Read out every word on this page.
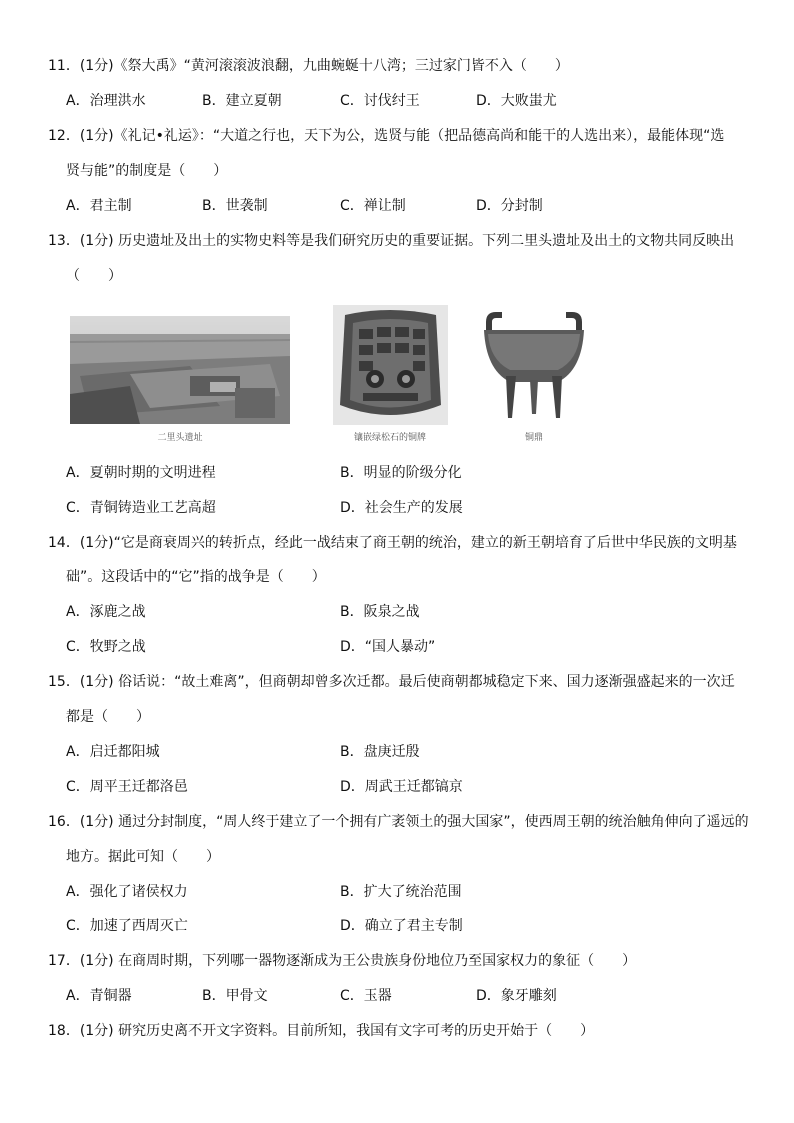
11．(1分)《祭大禹》“黄河滚滚波浪翻，九曲蜿蜒十八湾；三过家门皆不入（　　）
A．治理洪水	B．建立夏朝	C．讨伐纣王	D．大败蚩尤
12．(1分)《礼记•礼运》：“大道之行也，天下为公，选贤与能（把品德高尚和能干的人选出来），最能体现“选
贤与能”的制度是（　　）
A．君主制	B．世袭制	C．禅让制	D．分封制
13．(1分) 历史遗址及出土的实物史料等是我们研究历史的重要证据。下列二里头遗址及出土的文物共同反映出
（　　）
二里头遗址	镶嵌绿松石的铜牌	铜鼎
A．夏朝时期的文明进程	B．明显的阶级分化
C．青铜铸造业工艺高超	D．社会生产的发展
14．(1分)“它是商衰周兴的转折点，经此一战结束了商王朝的统治，建立的新王朝培育了后世中华民族的文明基
础”。这段话中的“它”指的战争是（　　）
A．涿鹿之战	B．阪泉之战
C．牧野之战	D．“国人暴动”
15．(1分) 俗话说：“故土难离”，但商朝却曾多次迁都。最后使商朝都城稳定下来、国力逐渐强盛起来的一次迁
都是（　　）
A．启迁都阳城	B．盘庚迁殷
C．周平王迁都洛邑	D．周武王迁都镐京
16．(1分) 通过分封制度，“周人终于建立了一个拥有广袤领土的强大国家”，使西周王朝的统治触角伸向了遥远的
地方。据此可知（　　）
A．强化了诸侯权力	B．扩大了统治范围
C．加速了西周灭亡	D．确立了君主专制
17．(1分) 在商周时期，下列哪一器物逐渐成为王公贵族身份地位乃至国家权力的象征（　　）
A．青铜器	B．甲骨文	C．玉器	D．象牙雕刻
18．(1分) 研究历史离不开文字资料。目前所知，我国有文字可考的历史开始于（　　）
